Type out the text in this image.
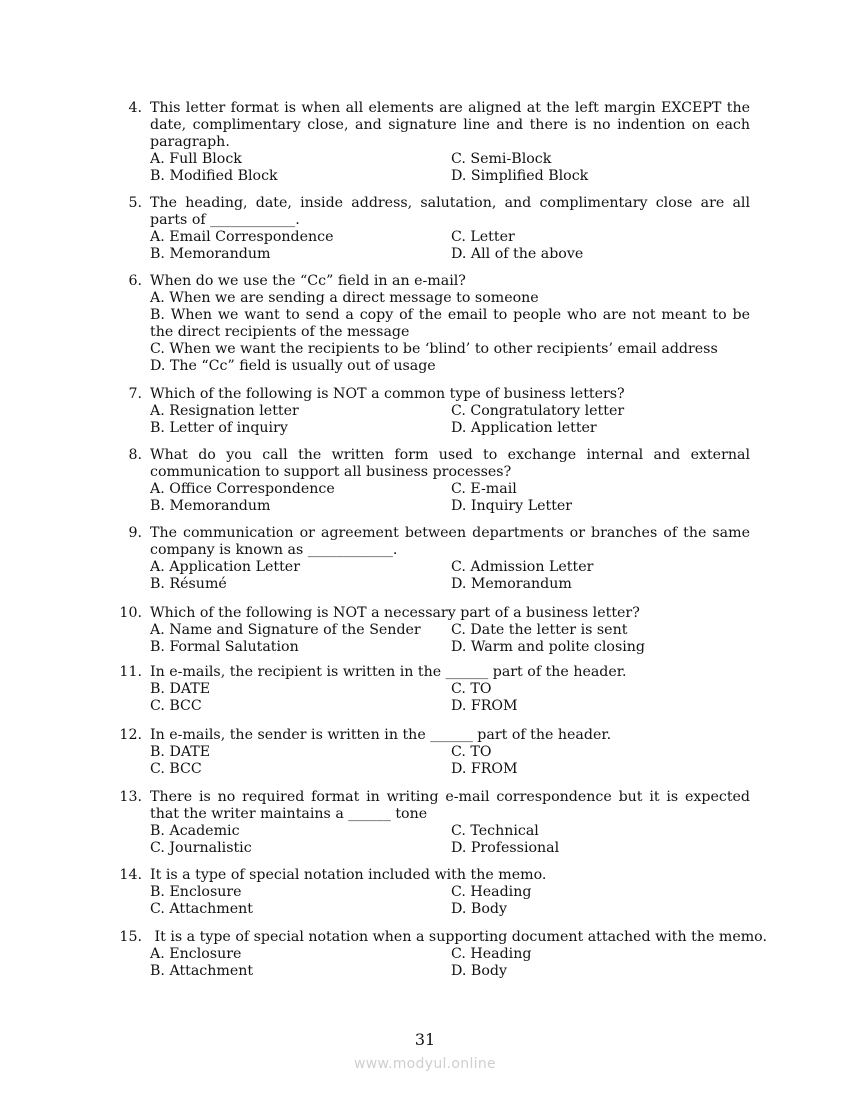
4. This letter format is when all elements are aligned at the left margin EXCEPT the date, complimentary close, and signature line and there is no indention on each paragraph.
A. Full Block	C. Semi-Block
B. Modified Block	D. Simplified Block
5. The heading, date, inside address, salutation, and complimentary close are all parts of ____________.
A. Email Correspondence	C. Letter
B. Memorandum	D. All of the above
6. When do we use the “Cc” field in an e-mail?
A. When we are sending a direct message to someone
B. When we want to send a copy of the email to people who are not meant to be the direct recipients of the message
C. When we want the recipients to be ‘blind’ to other recipients’ email address
D. The “Cc” field is usually out of usage
7. Which of the following is NOT a common type of business letters?
A. Resignation letter	C. Congratulatory letter
B. Letter of inquiry	D. Application letter
8. What do you call the written form used to exchange internal and external communication to support all business processes?
A. Office Correspondence	C. E-mail
B. Memorandum	D. Inquiry Letter
9. The communication or agreement between departments or branches of the same company is known as ____________.
A. Application Letter	C. Admission Letter
B. Résumé	D. Memorandum
10. Which of the following is NOT a necessary part of a business letter?
A. Name and Signature of the Sender	C. Date the letter is sent
B. Formal Salutation	D. Warm and polite closing
11. In e-mails, the recipient is written in the ______ part of the header.
B. DATE	C. TO
C. BCC	D. FROM
12. In e-mails, the sender is written in the ______ part of the header.
B. DATE	C. TO
C. BCC	D. FROM
13. There is no required format in writing e-mail correspondence but it is expected that the writer maintains a ______ tone
B. Academic	C. Technical
C. Journalistic	D. Professional
14. It is a type of special notation included with the memo.
B. Enclosure	C. Heading
C. Attachment	D. Body
15. It is a type of special notation when a supporting document attached with the memo.
A. Enclosure	C. Heading
B. Attachment	D. Body
31
www.modyul.online
